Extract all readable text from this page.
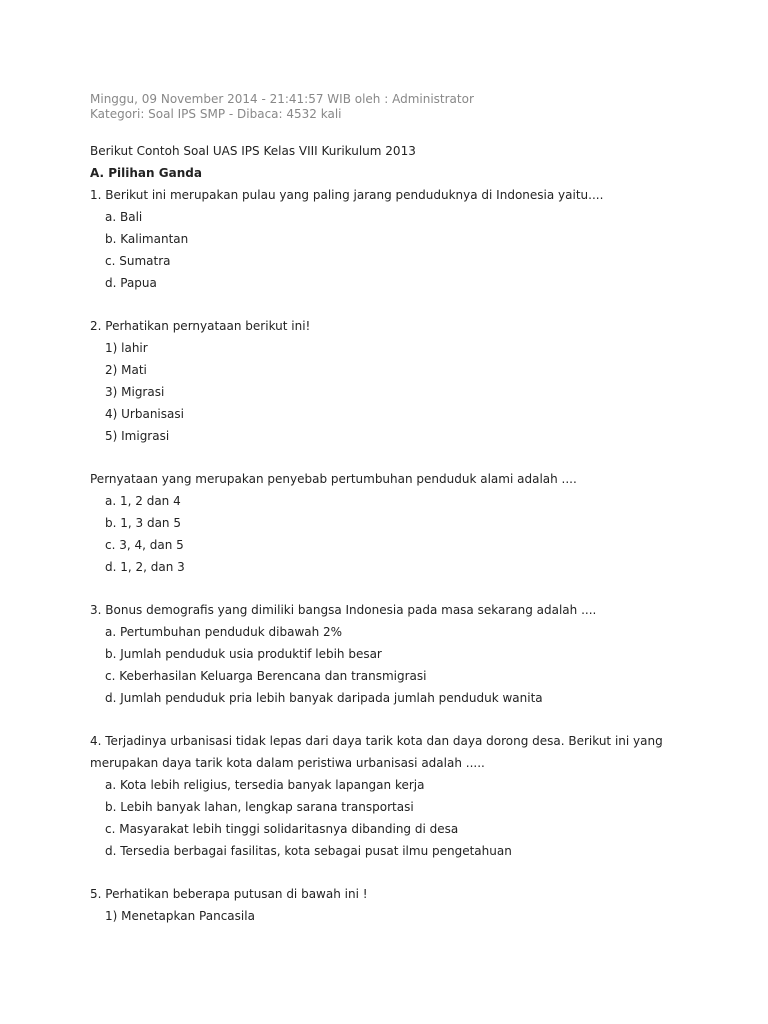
Minggu, 09 November 2014 - 21:41:57 WIB oleh : Administrator
Kategori: Soal IPS SMP - Dibaca: 4532 kali
Berikut Contoh Soal UAS IPS Kelas VIII Kurikulum 2013
A. Pilihan Ganda
1. Berikut ini merupakan pulau yang paling jarang penduduknya di Indonesia yaitu....
a. Bali
b. Kalimantan
c. Sumatra
d. Papua
2. Perhatikan pernyataan berikut ini!
1) lahir
2) Mati
3) Migrasi
4) Urbanisasi
5) Imigrasi
Pernyataan yang merupakan penyebab pertumbuhan penduduk alami adalah ....
a. 1, 2 dan 4
b. 1, 3 dan 5
c. 3, 4, dan 5
d. 1, 2, dan 3
3. Bonus demografis yang dimiliki bangsa Indonesia pada masa sekarang adalah ....
a. Pertumbuhan penduduk dibawah 2%
b. Jumlah penduduk usia produktif lebih besar
c. Keberhasilan Keluarga Berencana dan transmigrasi
d. Jumlah penduduk pria lebih banyak daripada jumlah penduduk wanita
4. Terjadinya urbanisasi tidak lepas dari daya tarik kota dan daya dorong desa. Berikut ini yang
merupakan daya tarik kota dalam peristiwa urbanisasi adalah .....
a. Kota lebih religius, tersedia banyak lapangan kerja
b. Lebih banyak lahan, lengkap sarana transportasi
c. Masyarakat lebih tinggi solidaritasnya dibanding di desa
d. Tersedia berbagai fasilitas, kota sebagai pusat ilmu pengetahuan
5. Perhatikan beberapa putusan di bawah ini !
1) Menetapkan Pancasila
